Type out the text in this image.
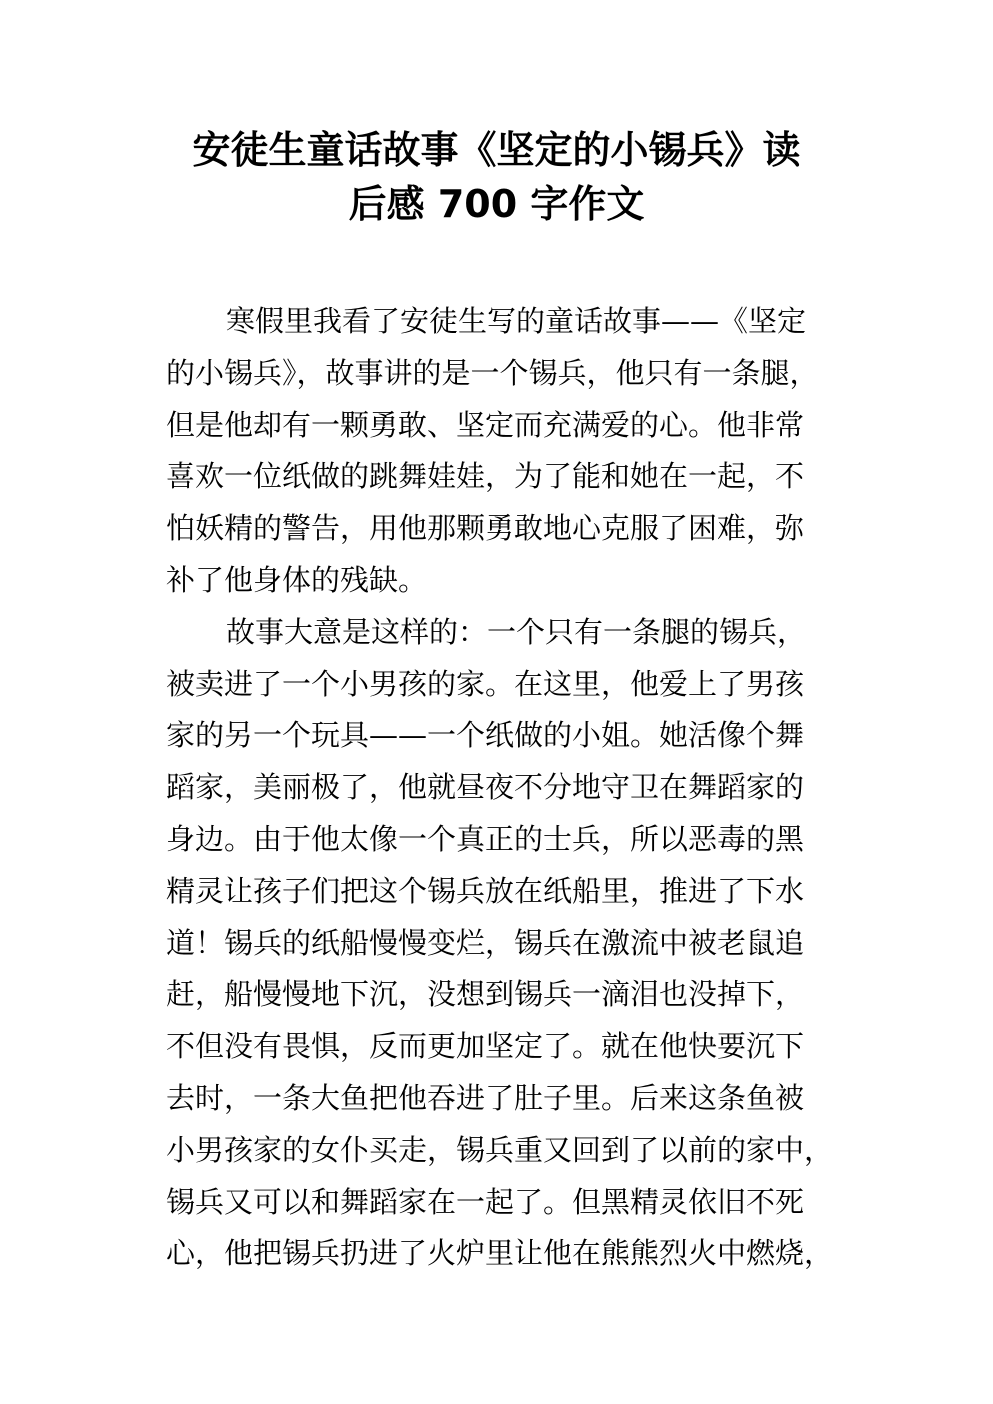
安徒生童话故事《坚定的小锡兵》读
后感 700 字作文
寒假里我看了安徒生写的童话故事——《坚定
的小锡兵》，故事讲的是一个锡兵，他只有一条腿，
但是他却有一颗勇敢、坚定而充满爱的心。他非常
喜欢一位纸做的跳舞娃娃，为了能和她在一起，不
怕妖精的警告，用他那颗勇敢地心克服了困难，弥
补了他身体的残缺。
故事大意是这样的：一个只有一条腿的锡兵，
被卖进了一个小男孩的家。在这里，他爱上了男孩
家的另一个玩具——一个纸做的小姐。她活像个舞
蹈家，美丽极了，他就昼夜不分地守卫在舞蹈家的
身边。由于他太像一个真正的士兵，所以恶毒的黑
精灵让孩子们把这个锡兵放在纸船里，推进了下水
道！锡兵的纸船慢慢变烂，锡兵在激流中被老鼠追
赶，船慢慢地下沉，没想到锡兵一滴泪也没掉下，
不但没有畏惧，反而更加坚定了。就在他快要沉下
去时，一条大鱼把他吞进了肚子里。后来这条鱼被
小男孩家的女仆买走，锡兵重又回到了以前的家中，
锡兵又可以和舞蹈家在一起了。但黑精灵依旧不死
心，他把锡兵扔进了火炉里让他在熊熊烈火中燃烧，
